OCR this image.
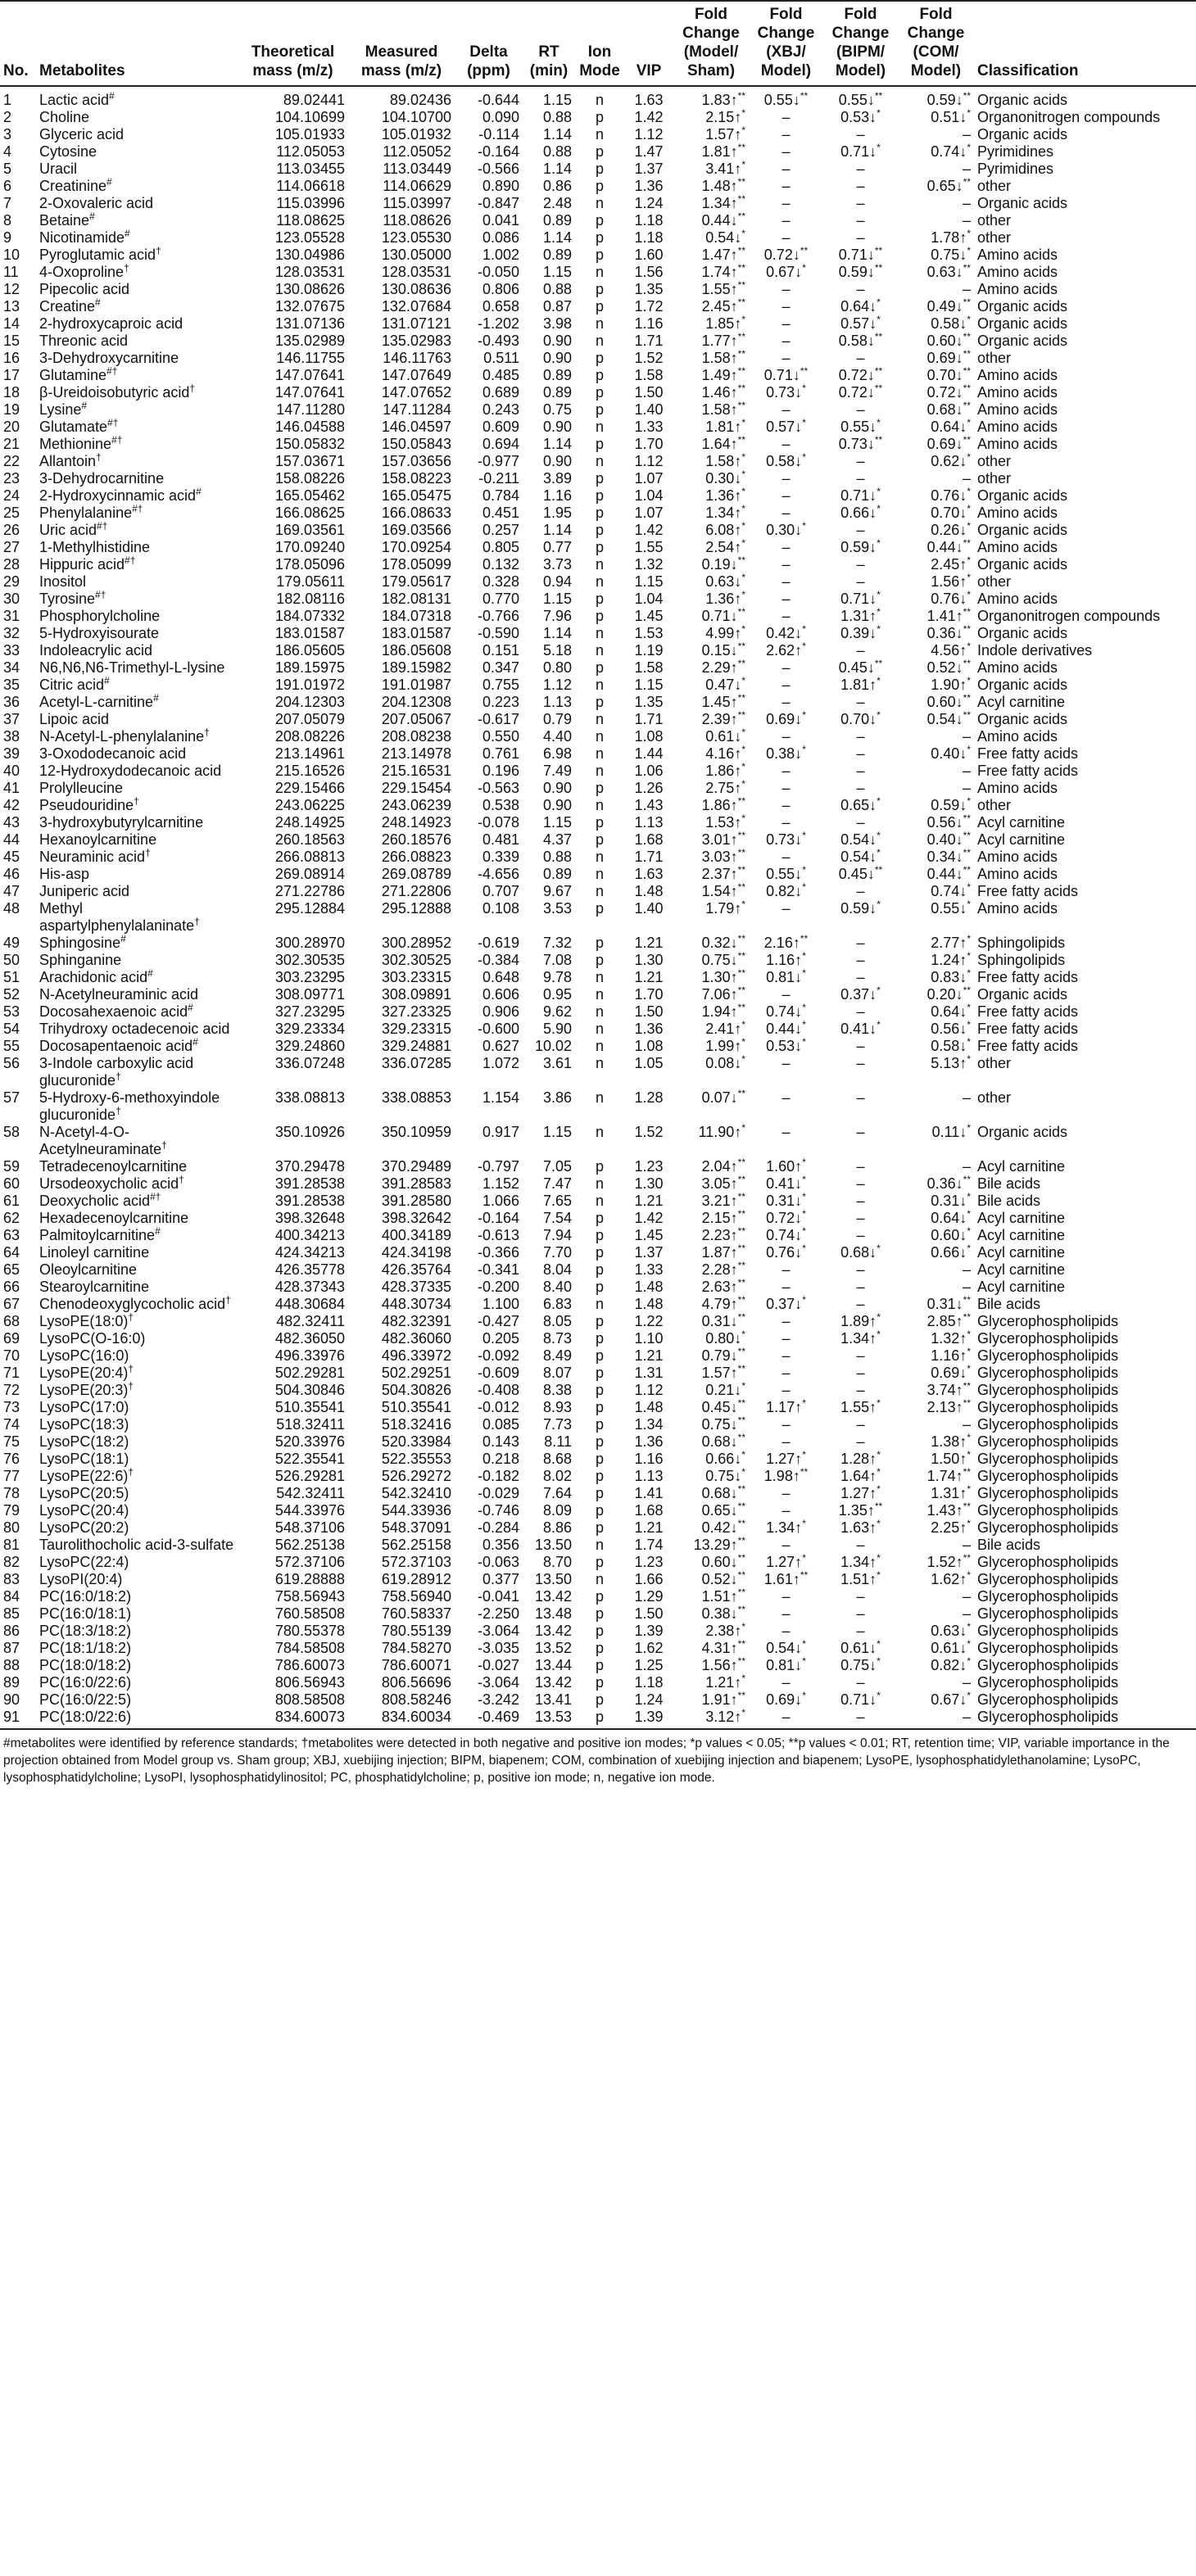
No.	Metabolites	Theoretical mass (m/z)	Measured mass (m/z)	Delta (ppm)	RT (min)	Ion Mode	VIP	Fold Change (Model/ Sham)	Fold Change (XBJ/ Model)	Fold Change (BIPM/ Model)	Fold Change (COM/ Model)	Classification
1	Lactic acid#	89.02441	89.02436	-0.644	1.15	n	1.63	1.83↑**	0.55↓**	0.55↓**	0.59↓**	Organic acids
2	Choline	104.10699	104.10700	0.090	0.88	p	1.42	2.15↑*	–	0.53↓*	0.51↓*	Organonitrogen compounds
3	Glyceric acid	105.01933	105.01932	-0.114	1.14	n	1.12	1.57↑*	–	–	–	Organic acids
4	Cytosine	112.05053	112.05052	-0.164	0.88	p	1.47	1.81↑**	–	0.71↓*	0.74↓*	Pyrimidines
5	Uracil	113.03455	113.03449	-0.566	1.14	p	1.37	3.41↑*	–	–	–	Pyrimidines
6	Creatinine#	114.06618	114.06629	0.890	0.86	p	1.36	1.48↑**	–	–	0.65↓**	other
7	2-Oxovaleric acid	115.03996	115.03997	-0.847	2.48	n	1.24	1.34↑**	–	–	–	Organic acids
8	Betaine#	118.08625	118.08626	0.041	0.89	p	1.18	0.44↓**	–	–	–	other
9	Nicotinamide#	123.05528	123.05530	0.086	1.14	p	1.18	0.54↓*	–	–	1.78↑*	other
10	Pyroglutamic acid†	130.04986	130.05000	1.002	0.89	p	1.60	1.47↑**	0.72↓**	0.71↓**	0.75↓*	Amino acids
11	4-Oxoproline†	128.03531	128.03531	-0.050	1.15	n	1.56	1.74↑**	0.67↓*	0.59↓**	0.63↓**	Amino acids
12	Pipecolic acid	130.08626	130.08636	0.806	0.88	p	1.35	1.55↑**	–	–	–	Amino acids
13	Creatine#	132.07675	132.07684	0.658	0.87	p	1.72	2.45↑**	–	0.64↓*	0.49↓**	Organic acids
14	2-hydroxycaproic acid	131.07136	131.07121	-1.202	3.98	n	1.16	1.85↑*	–	0.57↓*	0.58↓*	Organic acids
15	Threonic acid	135.02989	135.02983	-0.493	0.90	n	1.71	1.77↑**	–	0.58↓**	0.60↓**	Organic acids
16	3-Dehydroxycarnitine	146.11755	146.11763	0.511	0.90	p	1.52	1.58↑**	–	–	0.69↓**	other
17	Glutamine#†	147.07641	147.07649	0.485	0.89	p	1.58	1.49↑**	0.71↓**	0.72↓**	0.70↓**	Amino acids
18	β-Ureidoisobutyric acid†	147.07641	147.07652	0.689	0.89	p	1.50	1.46↑**	0.73↓*	0.72↓**	0.72↓**	Amino acids
19	Lysine#	147.11280	147.11284	0.243	0.75	p	1.40	1.58↑**	–	–	0.68↓**	Amino acids
20	Glutamate#†	146.04588	146.04597	0.609	0.90	n	1.33	1.81↑*	0.57↓*	0.55↓*	0.64↓*	Amino acids
21	Methionine#†	150.05832	150.05843	0.694	1.14	p	1.70	1.64↑**	–	0.73↓**	0.69↓**	Amino acids
22	Allantoin†	157.03671	157.03656	-0.977	0.90	n	1.12	1.58↑*	0.58↓*	–	0.62↓*	other
23	3-Dehydrocarnitine	158.08226	158.08223	-0.211	3.89	p	1.07	0.30↓*	–	–	–	other
24	2-Hydroxycinnamic acid#	165.05462	165.05475	0.784	1.16	p	1.04	1.36↑*	–	0.71↓*	0.76↓*	Organic acids
25	Phenylalanine#†	166.08625	166.08633	0.451	1.95	p	1.07	1.34↑*	–	0.66↓*	0.70↓*	Amino acids
26	Uric acid#†	169.03561	169.03566	0.257	1.14	p	1.42	6.08↑*	0.30↓*	–	0.26↓*	Organic acids
27	1-Methylhistidine	170.09240	170.09254	0.805	0.77	p	1.55	2.54↑*	–	0.59↓*	0.44↓**	Amino acids
28	Hippuric acid#†	178.05096	178.05099	0.132	3.73	n	1.32	0.19↓**	–	–	2.45↑*	Organic acids
29	Inositol	179.05611	179.05617	0.328	0.94	n	1.15	0.63↓*	–	–	1.56↑*	other
30	Tyrosine#†	182.08116	182.08131	0.770	1.15	p	1.04	1.36↑*	–	0.71↓*	0.76↓*	Amino acids
31	Phosphorylcholine	184.07332	184.07318	-0.766	7.96	p	1.45	0.71↓**	–	1.31↑*	1.41↑**	Organonitrogen compounds
32	5-Hydroxyisourate	183.01587	183.01587	-0.590	1.14	n	1.53	4.99↑*	0.42↓*	0.39↓*	0.36↓**	Organic acids
33	Indoleacrylic acid	186.05605	186.05608	0.151	5.18	n	1.19	0.15↓**	2.62↑*	–	4.56↑*	Indole derivatives
34	N6,N6,N6-Trimethyl-L-lysine	189.15975	189.15982	0.347	0.80	p	1.58	2.29↑**	–	0.45↓**	0.52↓**	Amino acids
35	Citric acid#	191.01972	191.01987	0.755	1.12	n	1.15	0.47↓*	–	1.81↑*	1.90↑*	Organic acids
36	Acetyl-L-carnitine#	204.12303	204.12308	0.223	1.13	p	1.35	1.45↑**	–	–	0.60↓**	Acyl carnitine
37	Lipoic acid	207.05079	207.05067	-0.617	0.79	n	1.71	2.39↑**	0.69↓*	0.70↓*	0.54↓**	Organic acids
38	N-Acetyl-L-phenylalanine†	208.08226	208.08238	0.550	4.40	n	1.08	0.61↓*	–	–	–	Amino acids
39	3-Oxododecanoic acid	213.14961	213.14978	0.761	6.98	n	1.44	4.16↑*	0.38↓*	–	0.40↓*	Free fatty acids
40	12-Hydroxydodecanoic acid	215.16526	215.16531	0.196	7.49	n	1.06	1.86↑*	–	–	–	Free fatty acids
41	Prolylleucine	229.15466	229.15454	-0.563	0.90	p	1.26	2.75↑*	–	–	–	Amino acids
42	Pseudouridine†	243.06225	243.06239	0.538	0.90	n	1.43	1.86↑**	–	0.65↓*	0.59↓*	other
43	3-hydroxybutyrylcarnitine	248.14925	248.14923	-0.078	1.15	p	1.13	1.53↑*	–	–	0.56↓**	Acyl carnitine
44	Hexanoylcarnitine	260.18563	260.18576	0.481	4.37	p	1.68	3.01↑**	0.73↓*	0.54↓*	0.40↓**	Acyl carnitine
45	Neuraminic acid†	266.08813	266.08823	0.339	0.88	n	1.71	3.03↑**	–	0.54↓*	0.34↓**	Amino acids
46	His-asp	269.08914	269.08789	-4.656	0.89	n	1.63	2.37↑**	0.55↓*	0.45↓**	0.44↓**	Amino acids
47	Juniperic acid	271.22786	271.22806	0.707	9.67	n	1.48	1.54↑**	0.82↓*	–	0.74↓*	Free fatty acids
48	Methyl aspartylphenylalaninate†	295.12884	295.12888	0.108	3.53	p	1.40	1.79↑*	–	0.59↓*	0.55↓*	Amino acids
49	Sphingosine#	300.28970	300.28952	-0.619	7.32	p	1.21	0.32↓**	2.16↑**	–	2.77↑*	Sphingolipids
50	Sphinganine	302.30535	302.30525	-0.384	7.08	p	1.30	0.75↓**	1.16↑*	–	1.24↑*	Sphingolipids
51	Arachidonic acid#	303.23295	303.23315	0.648	9.78	n	1.21	1.30↑**	0.81↓*	–	0.83↓*	Free fatty acids
52	N-Acetylneuraminic acid	308.09771	308.09891	0.606	0.95	n	1.70	7.06↑**	–	0.37↓*	0.20↓**	Organic acids
53	Docosahexaenoic acid#	327.23295	327.23325	0.906	9.62	n	1.50	1.94↑**	0.74↓*	–	0.64↓*	Free fatty acids
54	Trihydroxy octadecenoic acid	329.23334	329.23315	-0.600	5.90	n	1.36	2.41↑*	0.44↓*	0.41↓*	0.56↓*	Free fatty acids
55	Docosapentaenoic acid#	329.24860	329.24881	0.627	10.02	n	1.08	1.99↑*	0.53↓*	–	0.58↓*	Free fatty acids
56	3-Indole carboxylic acid glucuronide†	336.07248	336.07285	1.072	3.61	n	1.05	0.08↓*	–	–	5.13↑*	other
57	5-Hydroxy-6-methoxyindole glucuronide†	338.08813	338.08853	1.154	3.86	n	1.28	0.07↓**	–	–	–	other
58	N-Acetyl-4-O-Acetylneuraminate†	350.10926	350.10959	0.917	1.15	n	1.52	11.90↑*	–	–	0.11↓*	Organic acids
59	Tetradecenoylcarnitine	370.29478	370.29489	-0.797	7.05	p	1.23	2.04↑**	1.60↑*	–	–	Acyl carnitine
60	Ursodeoxycholic acid†	391.28538	391.28583	1.152	7.47	n	1.30	3.05↑**	0.41↓*	–	0.36↓**	Bile acids
61	Deoxycholic acid#†	391.28538	391.28580	1.066	7.65	n	1.21	3.21↑**	0.31↓*	–	0.31↓*	Bile acids
62	Hexadecenoylcarnitine	398.32648	398.32642	-0.164	7.54	p	1.42	2.15↑**	0.72↓*	–	0.64↓*	Acyl carnitine
63	Palmitoylcarnitine#	400.34213	400.34189	-0.613	7.94	p	1.45	2.23↑**	0.74↓*	–	0.60↓*	Acyl carnitine
64	Linoleyl carnitine	424.34213	424.34198	-0.366	7.70	p	1.37	1.87↑**	0.76↓*	0.68↓*	0.66↓*	Acyl carnitine
65	Oleoylcarnitine	426.35778	426.35764	-0.341	8.04	p	1.33	2.28↑**	–	–	–	Acyl carnitine
66	Stearoylcarnitine	428.37343	428.37335	-0.200	8.40	p	1.48	2.63↑**	–	–	–	Acyl carnitine
67	Chenodeoxyglycocholic acid†	448.30684	448.30734	1.100	6.83	n	1.48	4.79↑**	0.37↓*	–	0.31↓**	Bile acids
68	LysoPE(18:0)†	482.32411	482.32391	-0.427	8.05	p	1.22	0.31↓**	–	1.89↑*	2.85↑**	Glycerophospholipids
69	LysoPC(O-16:0)	482.36050	482.36060	0.205	8.73	p	1.10	0.80↓*	–	1.34↑*	1.32↑*	Glycerophospholipids
70	LysoPC(16:0)	496.33976	496.33972	-0.092	8.49	p	1.21	0.79↓**	–	–	1.16↑*	Glycerophospholipids
71	LysoPE(20:4)†	502.29281	502.29251	-0.609	8.07	p	1.31	1.57↑**	–	–	0.69↓*	Glycerophospholipids
72	LysoPE(20:3)†	504.30846	504.30826	-0.408	8.38	p	1.12	0.21↓*	–	–	3.74↑**	Glycerophospholipids
73	LysoPC(17:0)	510.35541	510.35541	-0.012	8.93	p	1.48	0.45↓**	1.17↑*	1.55↑*	2.13↑**	Glycerophospholipids
74	LysoPC(18:3)	518.32411	518.32416	0.085	7.73	p	1.34	0.75↓**	–	–	–	Glycerophospholipids
75	LysoPC(18:2)	520.33976	520.33984	0.143	8.11	p	1.36	0.68↓**	–	–	1.38↑*	Glycerophospholipids
76	LysoPC(18:1)	522.35541	522.35553	0.218	8.68	p	1.16	0.66↓*	1.27↑*	1.28↑*	1.50↑*	Glycerophospholipids
77	LysoPE(22:6)†	526.29281	526.29272	-0.182	8.02	p	1.13	0.75↓*	1.98↑**	1.64↑*	1.74↑**	Glycerophospholipids
78	LysoPC(20:5)	542.32411	542.32410	-0.029	7.64	p	1.41	0.68↓**	–	1.27↑*	1.31↑*	Glycerophospholipids
79	LysoPC(20:4)	544.33976	544.33936	-0.746	8.09	p	1.68	0.65↓**	–	1.35↑**	1.43↑**	Glycerophospholipids
80	LysoPC(20:2)	548.37106	548.37091	-0.284	8.86	p	1.21	0.42↓**	1.34↑*	1.63↑*	2.25↑*	Glycerophospholipids
81	Taurolithocholic acid-3-sulfate	562.25138	562.25158	0.356	13.50	n	1.74	13.29↑**	–	–	–	Bile acids
82	LysoPC(22:4)	572.37106	572.37103	-0.063	8.70	p	1.23	0.60↓**	1.27↑*	1.34↑*	1.52↑**	Glycerophospholipids
83	LysoPI(20:4)	619.28888	619.28912	0.377	13.50	n	1.66	0.52↓**	1.61↑**	1.51↑*	1.62↑*	Glycerophospholipids
84	PC(16:0/18:2)	758.56943	758.56940	-0.041	13.42	p	1.29	1.51↑**	–	–	–	Glycerophospholipids
85	PC(16:0/18:1)	760.58508	760.58337	-2.250	13.48	p	1.50	0.38↓**	–	–	–	Glycerophospholipids
86	PC(18:3/18:2)	780.55378	780.55139	-3.064	13.42	p	1.39	2.38↑*	–	–	0.63↓*	Glycerophospholipids
87	PC(18:1/18:2)	784.58508	784.58270	-3.035	13.52	p	1.62	4.31↑**	0.54↓*	0.61↓*	0.61↓*	Glycerophospholipids
88	PC(18:0/18:2)	786.60073	786.60071	-0.027	13.44	p	1.25	1.56↑**	0.81↓*	0.75↓*	0.82↓*	Glycerophospholipids
89	PC(16:0/22:6)	806.56943	806.56696	-3.064	13.42	p	1.18	1.21↑*	–	–	–	Glycerophospholipids
90	PC(16:0/22:5)	808.58508	808.58246	-3.242	13.41	p	1.24	1.91↑**	0.69↓*	0.71↓*	0.67↓*	Glycerophospholipids
91	PC(18:0/22:6)	834.60073	834.60034	-0.469	13.53	p	1.39	3.12↑*	–	–	–	Glycerophospholipids
#metabolites were identified by reference standards; †metabolites were detected in both negative and positive ion modes; *p values < 0.05; **p values < 0.01; RT, retention time; VIP, variable importance in the projection obtained from Model group vs. Sham group; XBJ, xuebijing injection; BIPM, biapenem; COM, combination of xuebijing injection and biapenem; LysoPE, lysophosphatidylethanolamine; LysoPC, lysophosphatidylcholine; LysoPI, lysophosphatidylinositol; PC, phosphatidylcholine; p, positive ion mode; n, negative ion mode.
